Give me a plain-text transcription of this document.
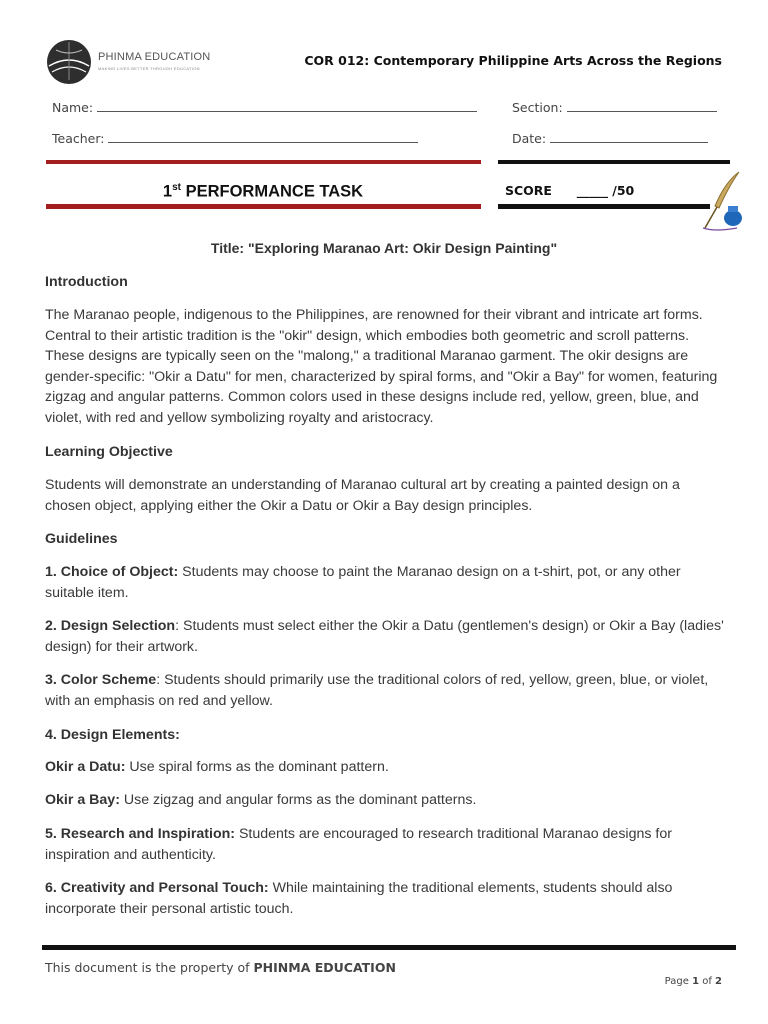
PHINMA EDUCATION
MAKING LIVES BETTER THROUGH EDUCATION
COR 012: Contemporary Philippine Arts Across the Regions
Name:	Section:
Teacher:	Date:
1st PERFORMANCE TASK	SCORE _____ /50
Title: "Exploring Maranao Art: Okir Design Painting"
Introduction
The Maranao people, indigenous to the Philippines, are renowned for their vibrant and intricate art forms. Central to their artistic tradition is the "okir" design, which embodies both geometric and scroll patterns. These designs are typically seen on the "malong," a traditional Maranao garment. The okir designs are gender-specific: "Okir a Datu" for men, characterized by spiral forms, and "Okir a Bay" for women, featuring zigzag and angular patterns. Common colors used in these designs include red, yellow, green, blue, and violet, with red and yellow symbolizing royalty and aristocracy.
Learning Objective
Students will demonstrate an understanding of Maranao cultural art by creating a painted design on a chosen object, applying either the Okir a Datu or Okir a Bay design principles.
Guidelines
1. Choice of Object: Students may choose to paint the Maranao design on a t-shirt, pot, or any other suitable item.
2. Design Selection: Students must select either the Okir a Datu (gentlemen's design) or Okir a Bay (ladies' design) for their artwork.
3. Color Scheme: Students should primarily use the traditional colors of red, yellow, green, blue, or violet, with an emphasis on red and yellow.
4. Design Elements:
Okir a Datu: Use spiral forms as the dominant pattern.
Okir a Bay: Use zigzag and angular forms as the dominant patterns.
5. Research and Inspiration: Students are encouraged to research traditional Maranao designs for inspiration and authenticity.
6. Creativity and Personal Touch: While maintaining the traditional elements, students should also incorporate their personal artistic touch.
This document is the property of PHINMA EDUCATION
Page 1 of 2
